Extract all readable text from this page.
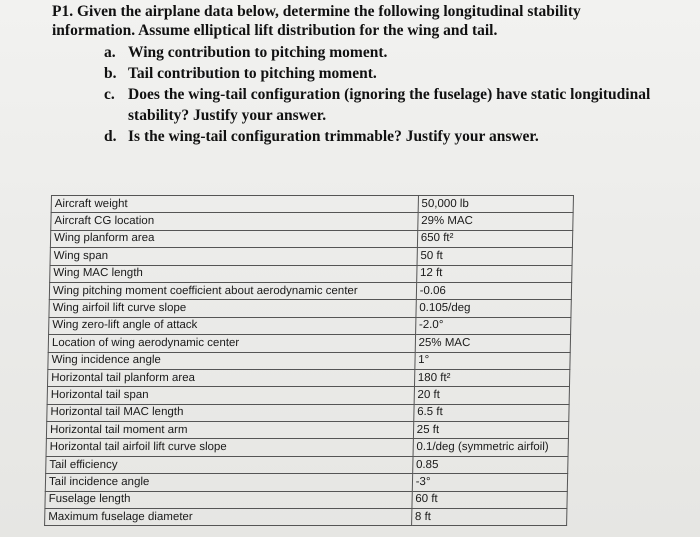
P1. Given the airplane data below, determine the following longitudinal stability
information. Assume elliptical lift distribution for the wing and tail.
a. Wing contribution to pitching moment.
b. Tail contribution to pitching moment.
c. Does the wing-tail configuration (ignoring the fuselage) have static longitudinal
stability? Justify your answer.
d. Is the wing-tail configuration trimmable? Justify your answer.
Aircraft weight	50,000 lb
Aircraft CG location	29% MAC
Wing planform area	650 ft²
Wing span	50 ft
Wing MAC length	12 ft
Wing pitching moment coefficient about aerodynamic center	-0.06
Wing airfoil lift curve slope	0.105/deg
Wing zero-lift angle of attack	-2.0°
Location of wing aerodynamic center	25% MAC
Wing incidence angle	1°
Horizontal tail planform area	180 ft²
Horizontal tail span	20 ft
Horizontal tail MAC length	6.5 ft
Horizontal tail moment arm	25 ft
Horizontal tail airfoil lift curve slope	0.1/deg (symmetric airfoil)
Tail efficiency	0.85
Tail incidence angle	-3°
Fuselage length	60 ft
Maximum fuselage diameter	8 ft
